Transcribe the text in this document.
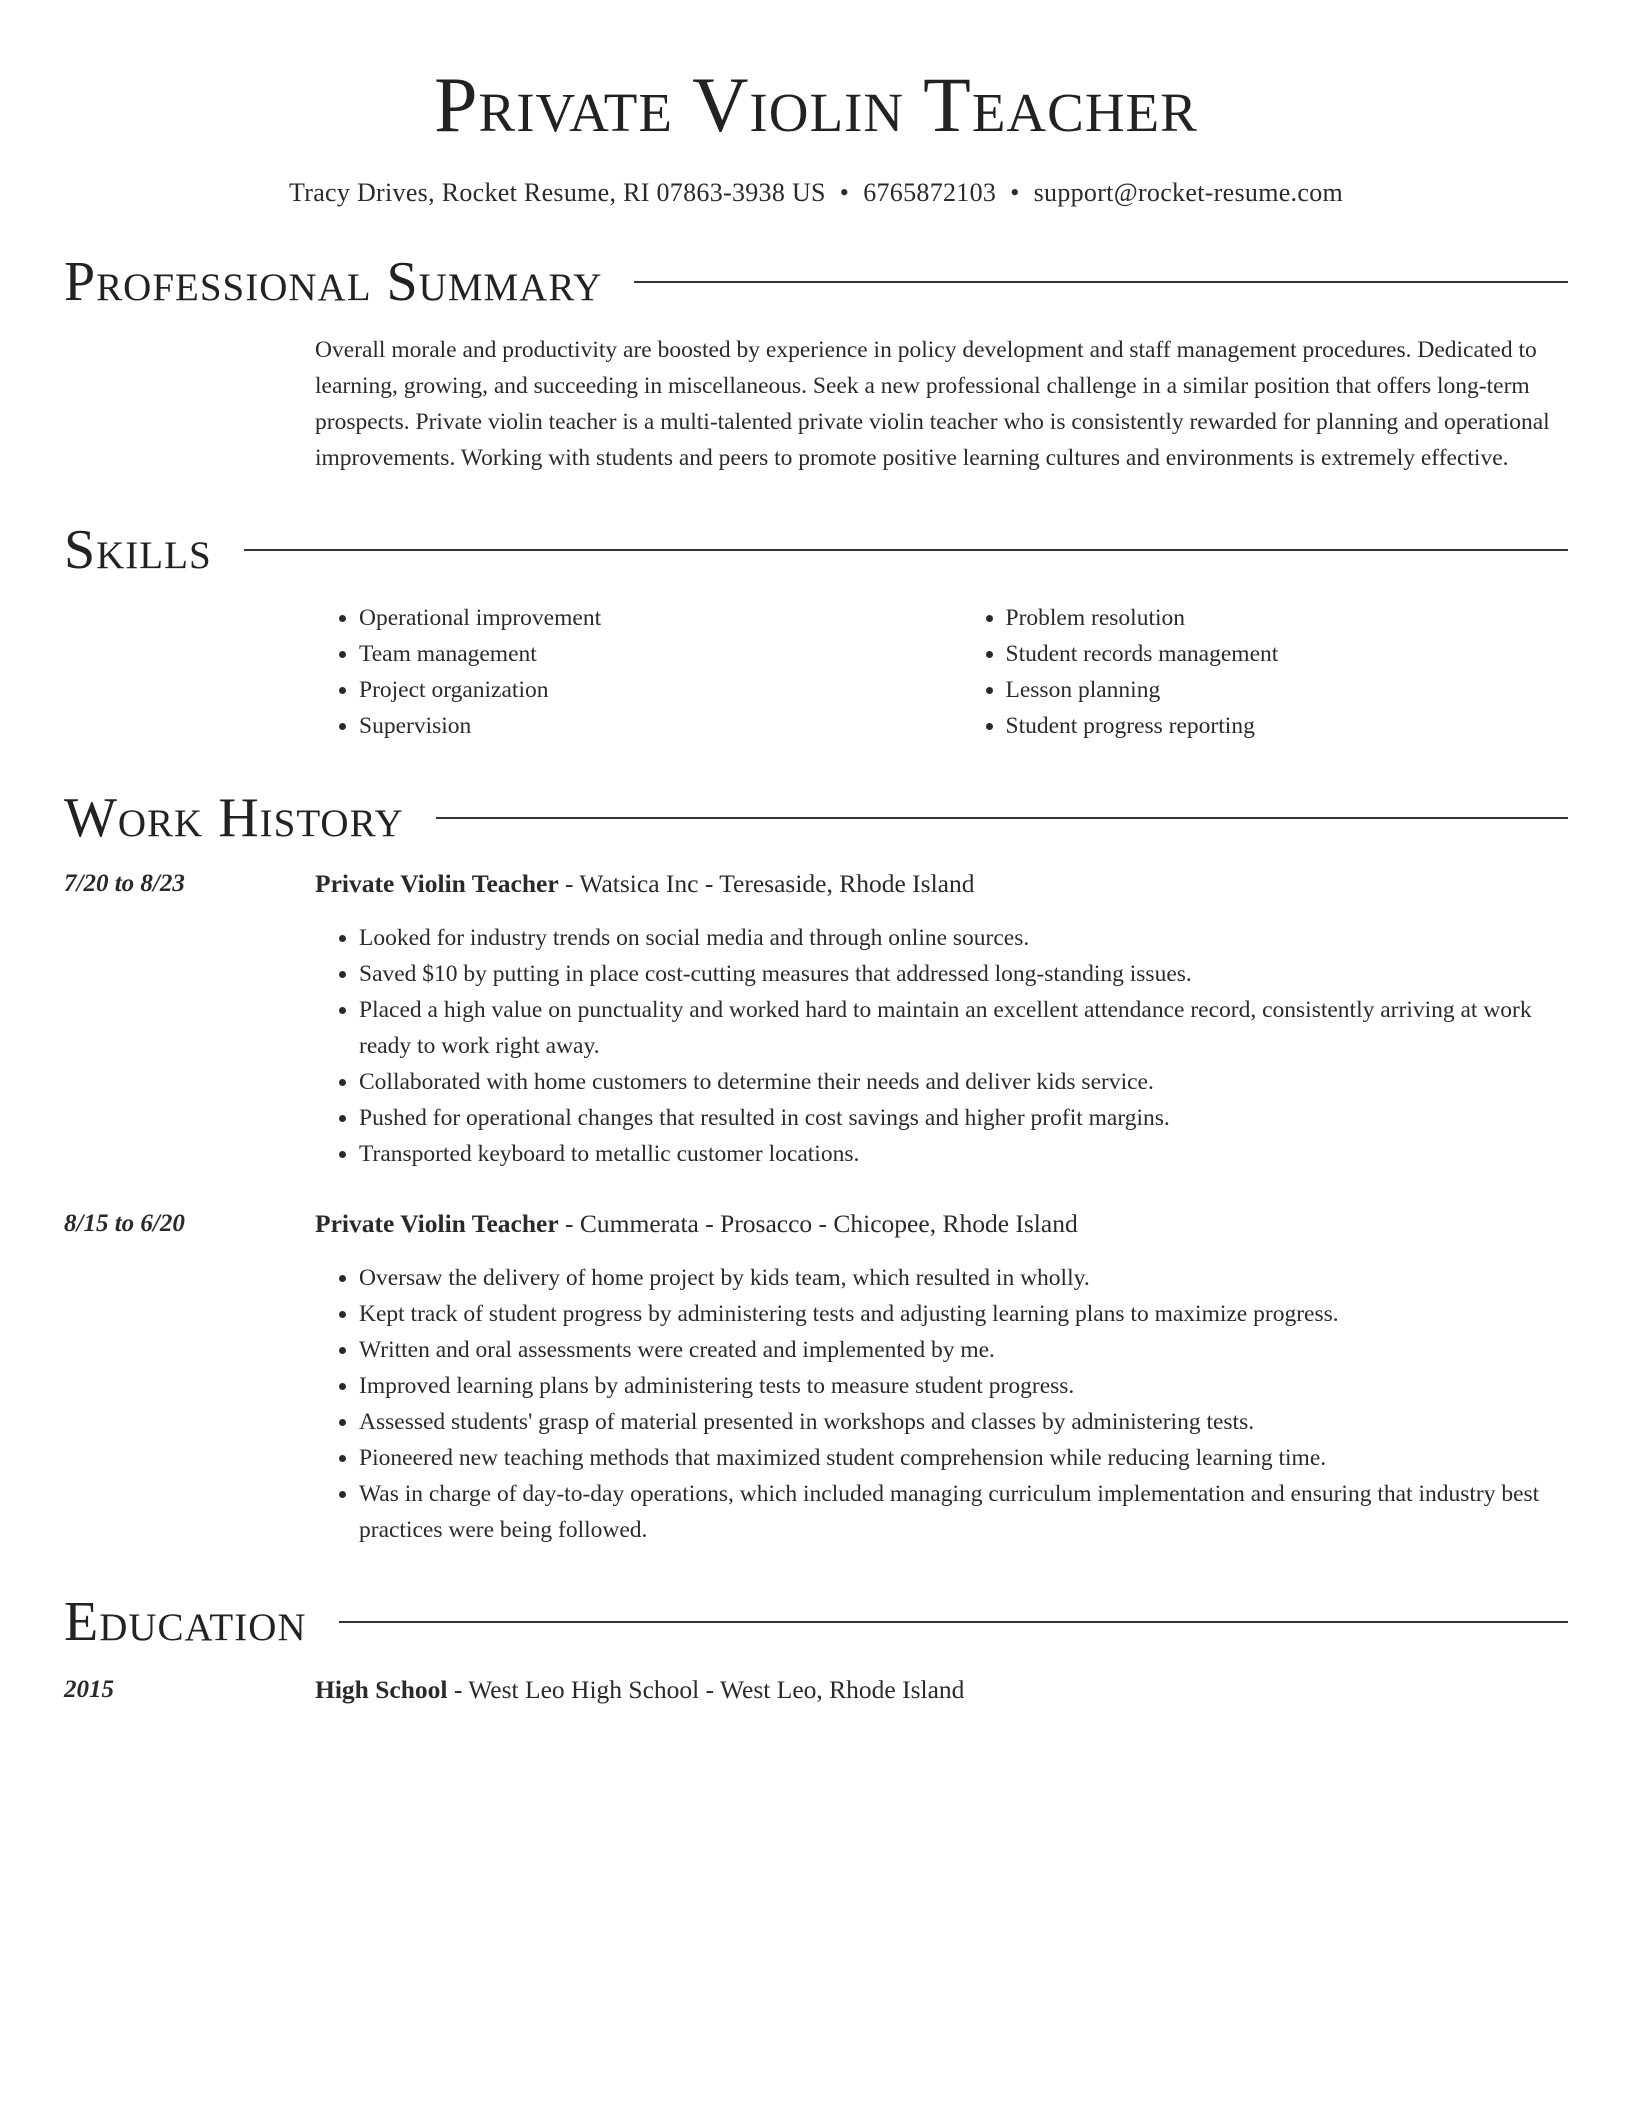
Private Violin Teacher
Tracy Drives, Rocket Resume, RI 07863-3938 US • 6765872103 • support@rocket-resume.com
Professional Summary
Overall morale and productivity are boosted by experience in policy development and staff management procedures. Dedicated to learning, growing, and succeeding in miscellaneous. Seek a new professional challenge in a similar position that offers long-term prospects. Private violin teacher is a multi-talented private violin teacher who is consistently rewarded for planning and operational improvements. Working with students and peers to promote positive learning cultures and environments is extremely effective.
Skills
• Operational improvement
• Team management
• Project organization
• Supervision
• Problem resolution
• Student records management
• Lesson planning
• Student progress reporting
Work History
7/20 to 8/23	Private Violin Teacher - Watsica Inc - Teresaside, Rhode Island
• Looked for industry trends on social media and through online sources.
• Saved $10 by putting in place cost-cutting measures that addressed long-standing issues.
• Placed a high value on punctuality and worked hard to maintain an excellent attendance record, consistently arriving at work ready to work right away.
• Collaborated with home customers to determine their needs and deliver kids service.
• Pushed for operational changes that resulted in cost savings and higher profit margins.
• Transported keyboard to metallic customer locations.
8/15 to 6/20	Private Violin Teacher - Cummerata - Prosacco - Chicopee, Rhode Island
• Oversaw the delivery of home project by kids team, which resulted in wholly.
• Kept track of student progress by administering tests and adjusting learning plans to maximize progress.
• Written and oral assessments were created and implemented by me.
• Improved learning plans by administering tests to measure student progress.
• Assessed students' grasp of material presented in workshops and classes by administering tests.
• Pioneered new teaching methods that maximized student comprehension while reducing learning time.
• Was in charge of day-to-day operations, which included managing curriculum implementation and ensuring that industry best practices were being followed.
Education
2015	High School - West Leo High School - West Leo, Rhode Island
